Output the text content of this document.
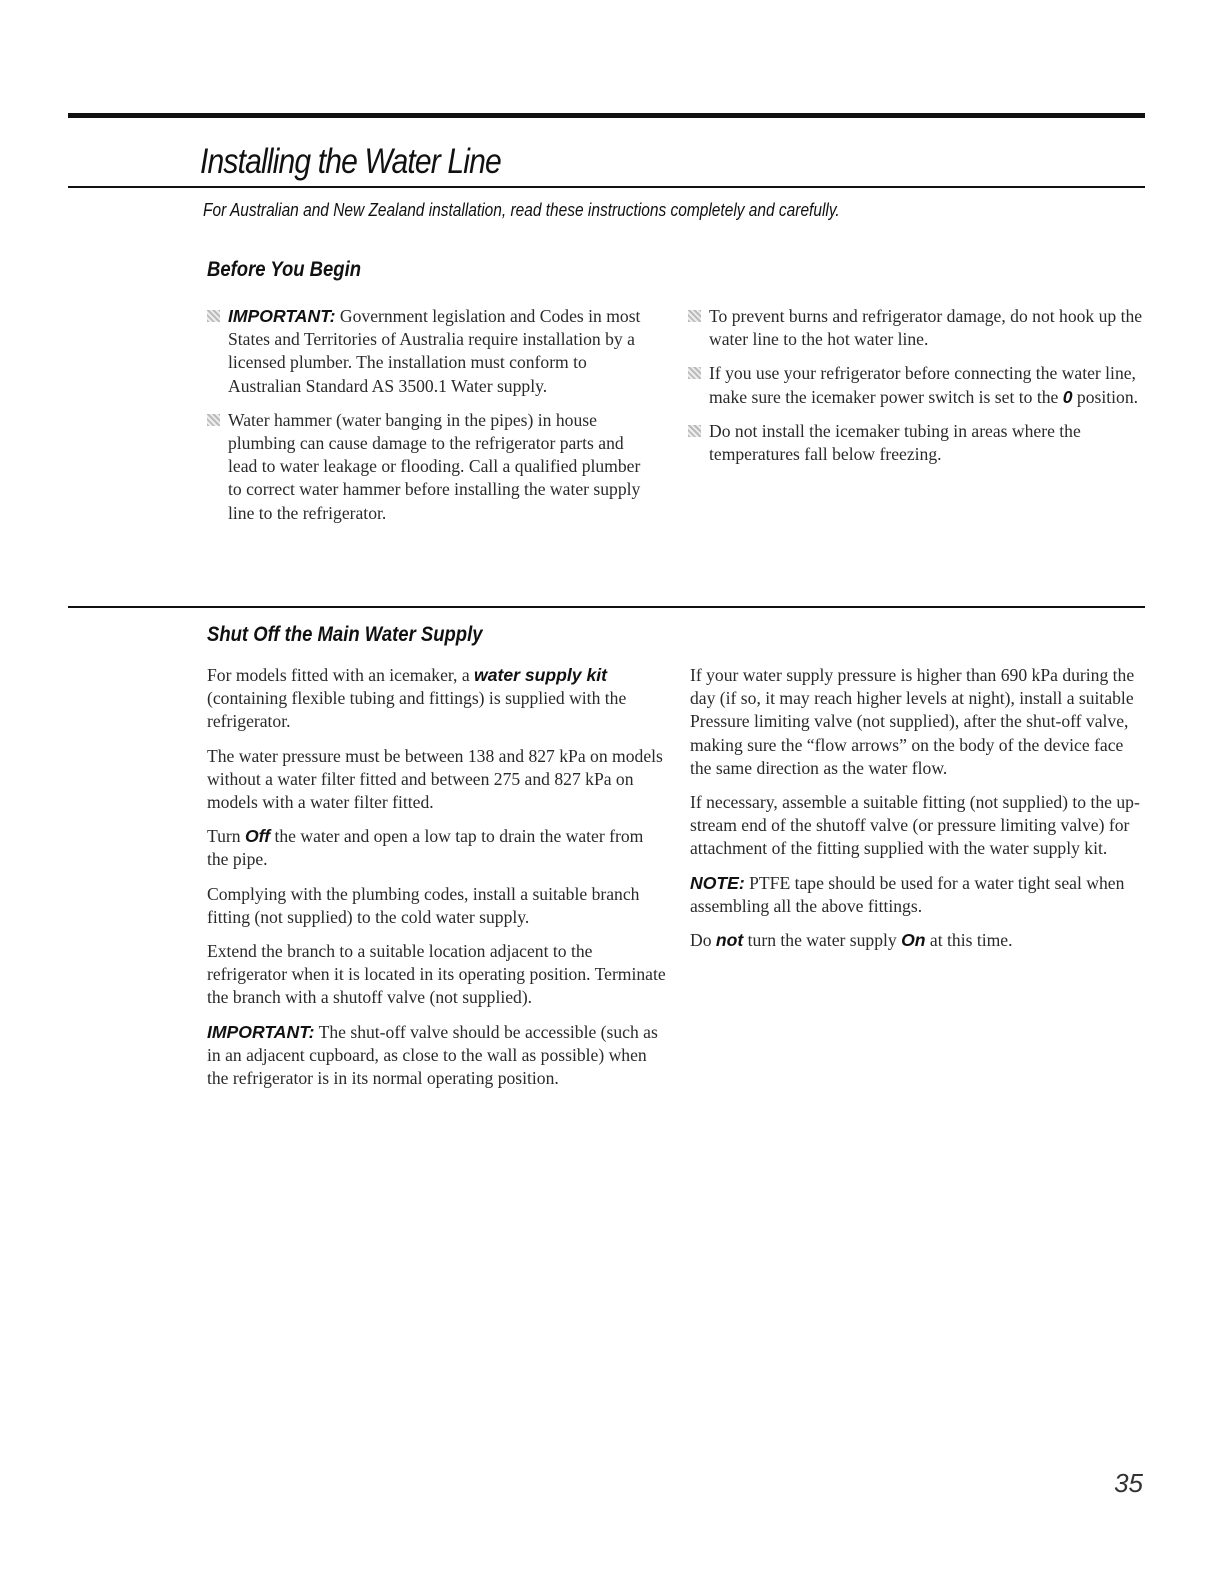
Installing the Water Line

For Australian and New Zealand installation, read these instructions completely and carefully.

Before You Begin

IMPORTANT: Government legislation and Codes in most States and Territories of Australia require installation by a licensed plumber. The installation must conform to Australian Standard AS 3500.1 Water supply.

Water hammer (water banging in the pipes) in house plumbing can cause damage to the refrigerator parts and lead to water leakage or flooding. Call a qualified plumber to correct water hammer before installing the water supply line to the refrigerator.

To prevent burns and refrigerator damage, do not hook up the water line to the hot water line.

If you use your refrigerator before connecting the water line, make sure the icemaker power switch is set to the 0 position.

Do not install the icemaker tubing in areas where the temperatures fall below freezing.

Shut Off the Main Water Supply

For models fitted with an icemaker, a water supply kit (containing flexible tubing and fittings) is supplied with the refrigerator.

The water pressure must be between 138 and 827 kPa on models without a water filter fitted and between 275 and 827 kPa on models with a water filter fitted.

Turn Off the water and open a low tap to drain the water from the pipe.

Complying with the plumbing codes, install a suitable branch fitting (not supplied) to the cold water supply.

Extend the branch to a suitable location adjacent to the refrigerator when it is located in its operating position. Terminate the branch with a shutoff valve (not supplied).

IMPORTANT: The shut-off valve should be accessible (such as in an adjacent cupboard, as close to the wall as possible) when the refrigerator is in its normal operating position.

If your water supply pressure is higher than 690 kPa during the day (if so, it may reach higher levels at night), install a suitable Pressure limiting valve (not supplied), after the shut-off valve, making sure the “flow arrows” on the body of the device face the same direction as the water flow.

If necessary, assemble a suitable fitting (not supplied) to the up-stream end of the shutoff valve (or pressure limiting valve) for attachment of the fitting supplied with the water supply kit.

NOTE: PTFE tape should be used for a water tight seal when assembling all the above fittings.

Do not turn the water supply On at this time.

35
